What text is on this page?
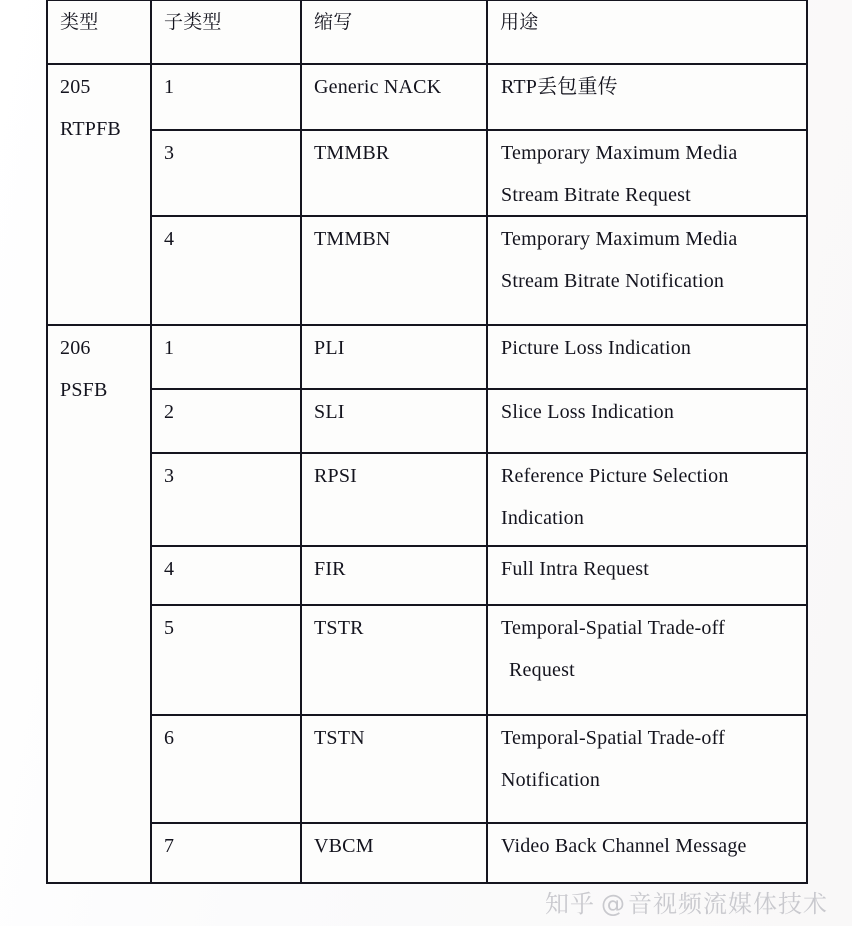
类型	子类型	缩写	用途

205
RTPFB	1	Generic NACK	RTP丢包重传

	3	TMMBR	Temporary Maximum Media
Stream Bitrate Request

	4	TMMBN	Temporary Maximum Media
Stream Bitrate Notification

206
PSFB	1	PLI	Picture Loss Indication

	2	SLI	Slice Loss Indication

	3	RPSI	Reference Picture Selection
Indication

	4	FIR	Full Intra Request

	5	TSTR	Temporal-Spatial Trade-off
Request

	6	TSTN	Temporal-Spatial Trade-off
Notification

	7	VBCM	Video Back Channel Message
知乎 @音视频流媒体技术
